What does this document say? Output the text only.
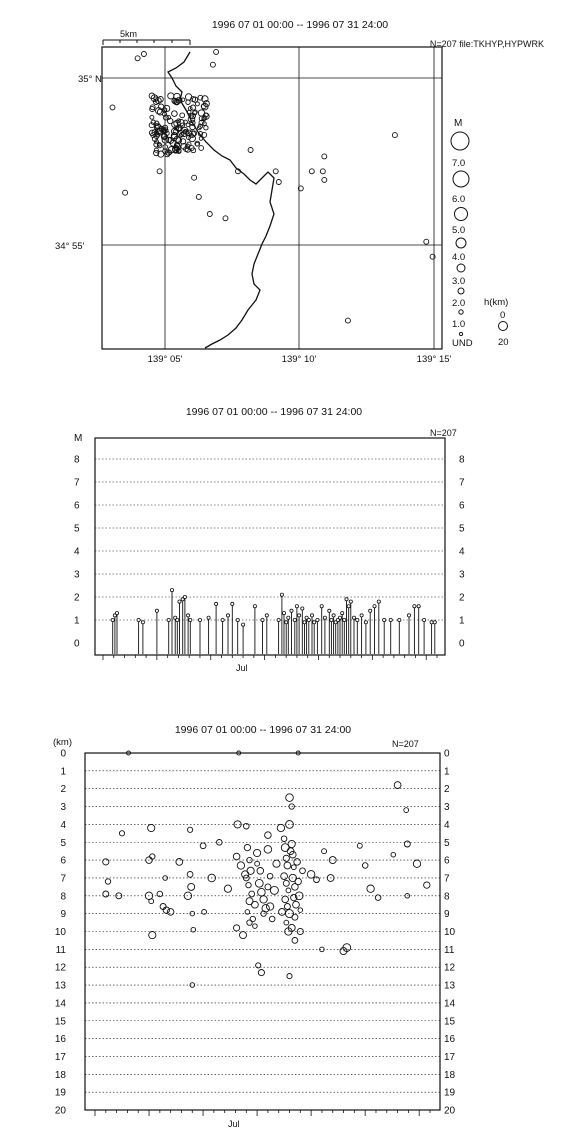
1996 07 01 00:00 -- 1996 07 31 24:00
N=207 file:TKHYP,HYPWRK
5km
35° N
34° 55'
139° 05'	139° 10'	139° 15'
M
7.0
6.0
5.0
4.0
3.0
2.0
1.0
UND
h(km)
0
20
1996 07 01 00:00 -- 1996 07 31 24:00
N=207
M
0	0
1	1
2	2
3	3
4	4
5	5
6	6
7	7
8	8
Jul
1996 07 01 00:00 -- 1996 07 31 24:00
(km)	N=207
0	0
1	1
2	2
3	3
4	4
5	5
6	6
7	7
8	8
9	9
10	10
11	11
12	12
13	13
14	14
15	15
16	16
17	17
18	18
19	19
20	20
Jul
